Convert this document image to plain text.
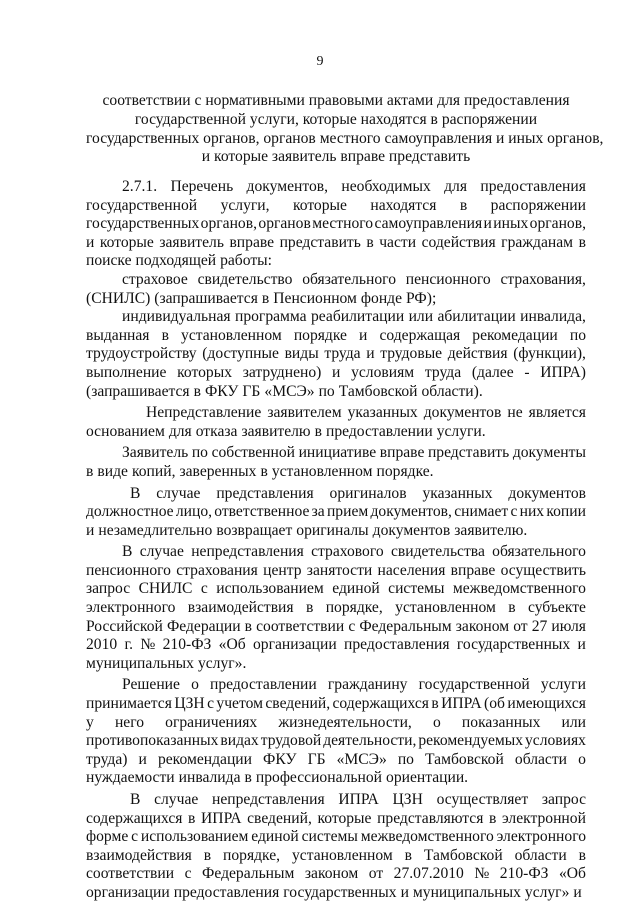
9
соответствии с нормативными правовыми актами для предоставления
государственной услуги, которые находятся в распоряжении
государственных органов, органов местного самоуправления и иных органов,
и которые заявитель вправе представить
2.7.1. Перечень документов, необходимых для предоставления
государственной услуги, которые находятся в распоряжении
государственных органов, органов местного самоуправления и иных органов,
и которые заявитель вправе представить в части содействия гражданам в
поиске подходящей работы:
страховое свидетельство обязательного пенсионного страхования,
(СНИЛС) (запрашивается в Пенсионном фонде РФ);
индивидуальная программа реабилитации или абилитации инвалида,
выданная в установленном порядке и содержащая рекомедации по
трудоустройству (доступные виды труда и трудовые действия (функции),
выполнение которых затруднено) и условиям труда (далее - ИПРА)
(запрашивается в ФКУ ГБ «МСЭ» по Тамбовской области).
Непредставление заявителем указанных документов не является
основанием для отказа заявителю в предоставлении услуги.
Заявитель по собственной инициативе вправе представить документы
в виде копий, заверенных в установленном порядке.
В случае представления оригиналов указанных документов
должностное лицо, ответственное за прием документов, снимает с них копии
и незамедлительно возвращает оригиналы документов заявителю.
В случае непредставления страхового свидетельства обязательного
пенсионного страхования центр занятости населения вправе осуществить
запрос СНИЛС с использованием единой системы межведомственного
электронного взаимодействия в порядке, установленном в субъекте
Российской Федерации в соответствии с Федеральным законом от 27 июля
2010 г. № 210-ФЗ «Об организации предоставления государственных и
муниципальных услуг».
Решение о предоставлении гражданину государственной услуги
принимается ЦЗН с учетом сведений, содержащихся в ИПРА (об имеющихся
у него ограничениях жизнедеятельности, о показанных или
противопоказанных видах трудовой деятельности, рекомендуемых условиях
труда) и рекомендации ФКУ ГБ «МСЭ» по Тамбовской области о
нуждаемости инвалида в профессиональной ориентации.
В случае непредставления ИПРА ЦЗН осуществляет запрос
содержащихся в ИПРА сведений, которые представляются в электронной
форме с использованием единой системы межведомственного электронного
взаимодействия в порядке, установленном в Тамбовской области в
соответствии с Федеральным законом от 27.07.2010 № 210-ФЗ «Об
организации предоставления государственных и муниципальных услуг» и
